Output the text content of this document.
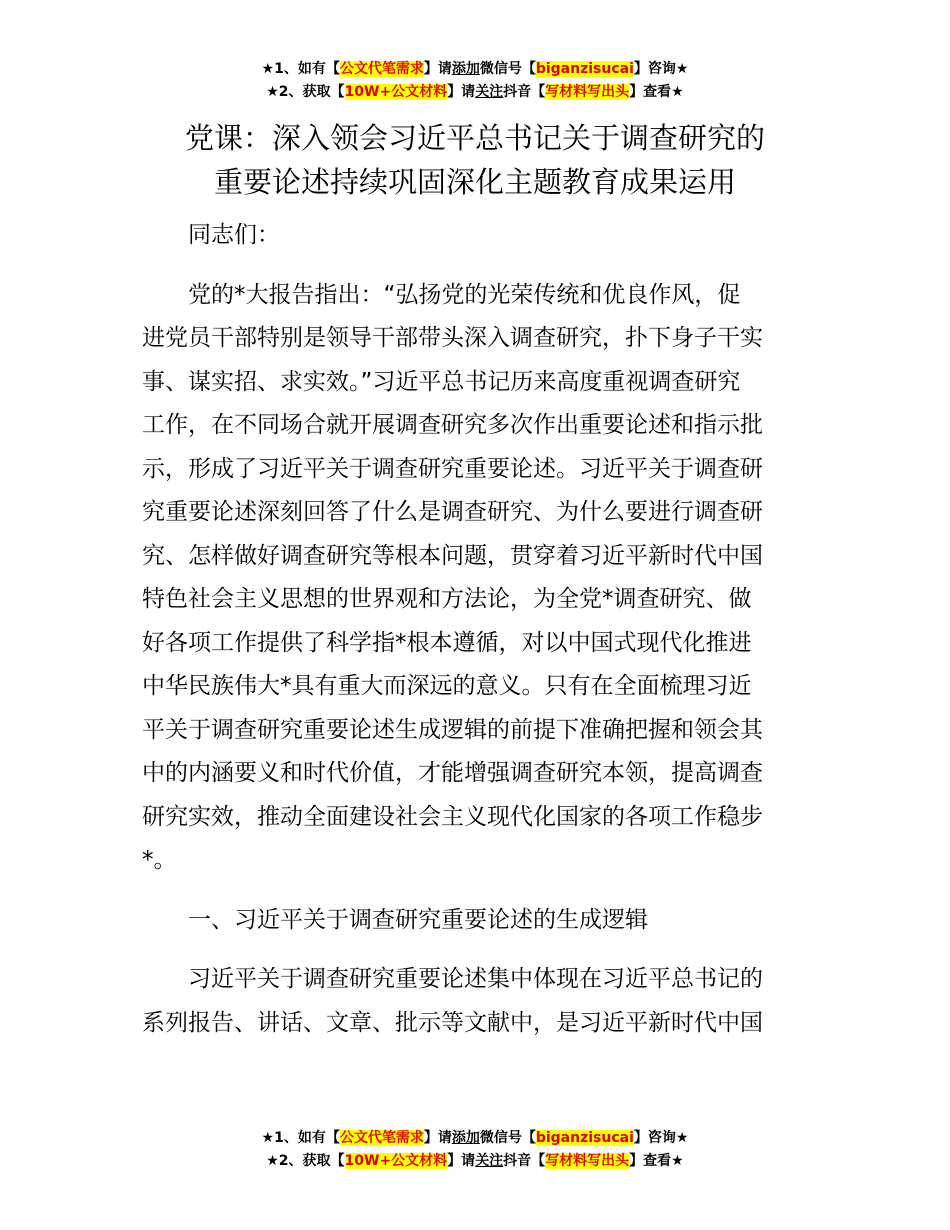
★1、如有【公文代笔需求】请添加微信号【biganzisucai】咨询★
★2、获取【10W+公文材料】请关注抖音【写材料写出头】查看★
党课：深入领会习近平总书记关于调查研究的
重要论述持续巩固深化主题教育成果运用

　　同志们：

　　党的*大报告指出：“弘扬党的光荣传统和优良作风，促
进党员干部特别是领导干部带头深入调查研究，扑下身子干实
事、谋实招、求实效。”习近平总书记历来高度重视调查研究
工作，在不同场合就开展调查研究多次作出重要论述和指示批
示，形成了习近平关于调查研究重要论述。习近平关于调查研
究重要论述深刻回答了什么是调查研究、为什么要进行调查研
究、怎样做好调查研究等根本问题，贯穿着习近平新时代中国
特色社会主义思想的世界观和方法论，为全党*调查研究、做
好各项工作提供了科学指*根本遵循，对以中国式现代化推进
中华民族伟大*具有重大而深远的意义。只有在全面梳理习近
平关于调查研究重要论述生成逻辑的前提下准确把握和领会其
中的内涵要义和时代价值，才能增强调查研究本领，提高调查
研究实效，推动全面建设社会主义现代化国家的各项工作稳步
*。

　　一、习近平关于调查研究重要论述的生成逻辑

　　习近平关于调查研究重要论述集中体现在习近平总书记的
系列报告、讲话、文章、批示等文献中，是习近平新时代中国

★1、如有【公文代笔需求】请添加微信号【biganzisucai】咨询★
★2、获取【10W+公文材料】请关注抖音【写材料写出头】查看★
